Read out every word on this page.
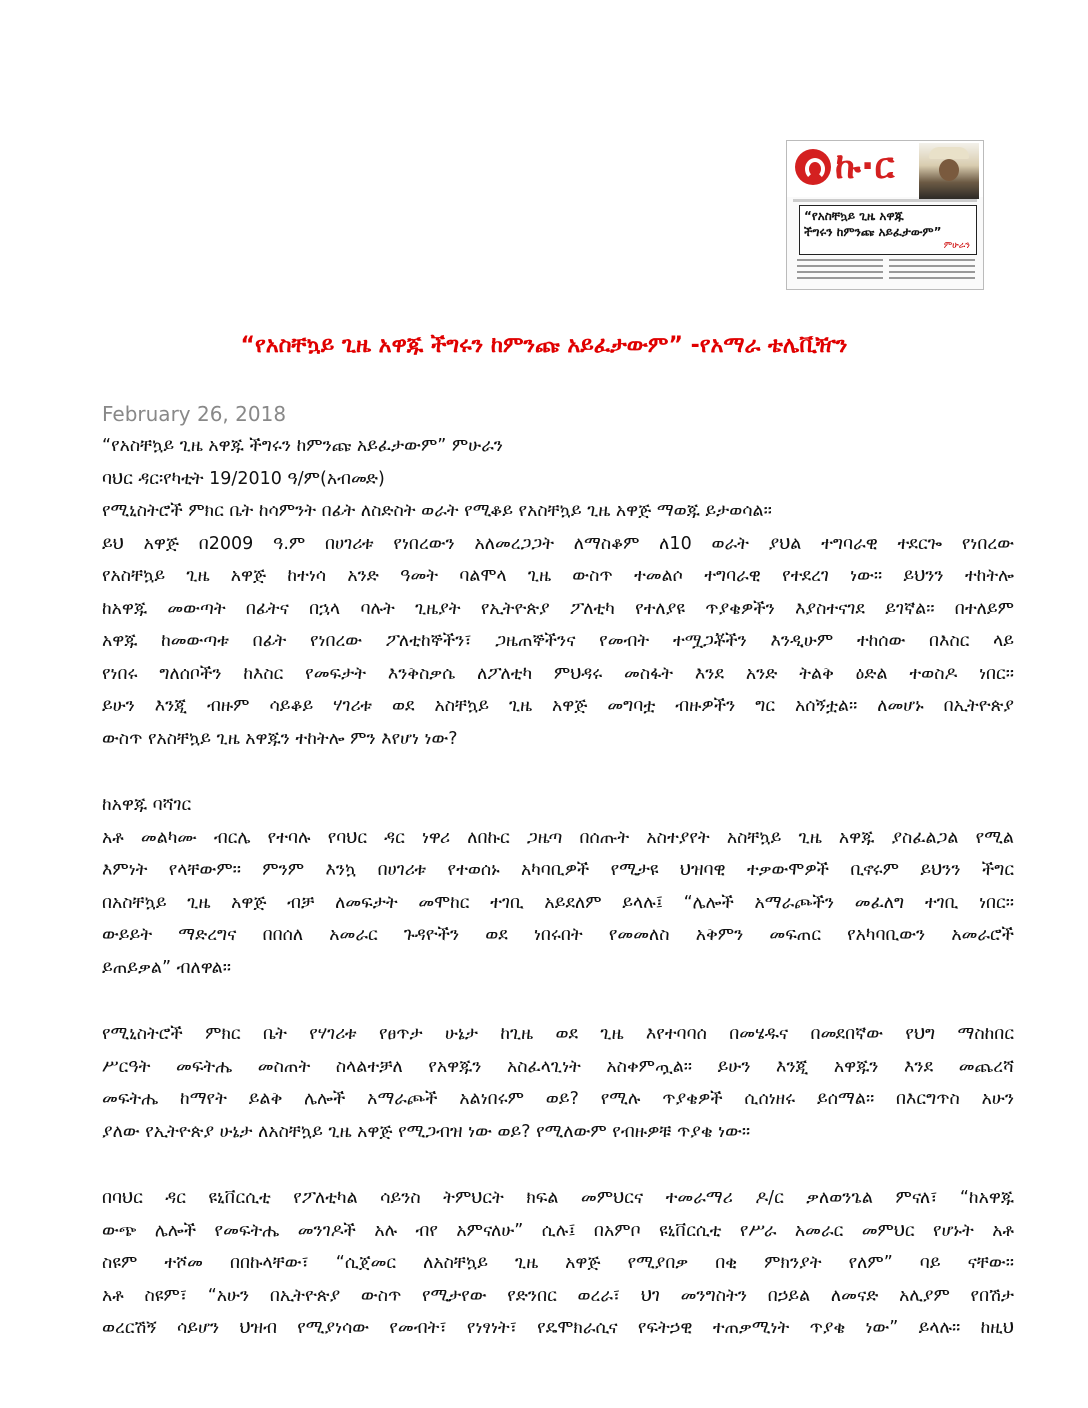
ኩ·ር
“የአስቸኳይ ጊዜ አዋጁ
ችግሩን ከምንጩ አይፈታውም”
ምሁራን
“የአስቸኳይ ጊዜ አዋጁ ችግሩን ከምንጩ አይፈታውም” -የአማራ ቴሌቪዥን
February 26, 2018

“የአስቸኳይ ጊዜ አዋጁ ችግሩን ከምንጩ አይፈታውም” ምሁራን

ባህር ዳር፡የካቲት 19/2010 ዓ/ም(አብመድ)

የሚኒስትሮች ምክር ቤት ከሳምንት በፊት ለስድስት ወራት የሚቆይ የአስቸኳይ ጊዜ አዋጅ ማወጁ ይታወሳል፡፡

ይህ አዋጅ በ2009 ዓ.ም በሀገሪቱ የነበረውን አለመረጋጋት ለማስቆም ለ10 ወራት ያህል ተግባራዊ ተደርጐ የነበረው

የአስቸኳይ ጊዜ አዋጅ ከተነሳ አንድ ዓመት ባልሞላ ጊዜ ውስጥ ተመልሶ ተግባራዊ የተደረገ ነው፡፡ ይህንን ተከትሎ

ከአዋጁ መውጣት በፊትና በኋላ ባሉት ጊዜያት የኢትዮጵያ ፖለቲካ የተለያዩ ጥያቄዎችን እያስተናገደ ይገኛል፡፡ በተለይም

አዋጁ ከመውጣቱ በፊት የነበረው ፖለቲከኞችን፣ ጋዜጠኞችንና የመብት ተሟጋቾችን እንዲሁም ተከሰው በእስር ላይ

የነበሩ ግለሰቦችን ከእስር የመፍታት እንቅስቃሴ ለፖለቲካ ምህዳሩ መስፋት እንደ አንድ ትልቅ ዕድል ተወስዶ ነበር፡፡

ይሁን እንጂ ብዙም ሳይቆይ ሃገሪቱ ወደ አስቸኳይ ጊዜ አዋጅ መግባቷ ብዙዎችን ግር አሰኝቷል፡፡ ለመሆኑ በኢትዮጵያ

ውስጥ የአስቸኳይ ጊዜ አዋጁን ተከትሎ ምን እየሆነ ነው?

ከአዋጁ ባሻገር

አቶ መልካሙ ብርሌ የተባሉ የባህር ዳር ነዋሪ ለበኩር ጋዜጣ በሰጡት አስተያየት አስቸኳይ ጊዜ አዋጁ ያስፈልጋል የሚል

እምነት የላቸውም፡፡ ምንም እንኳ በሀገሪቱ የተወሰኑ አካባቢዎች የሚታዩ ህዝባዊ ተቃውሞዎች ቢኖሩም ይህንን ችግር

በአስቸኳይ ጊዜ አዋጅ ብቻ ለመፍታት መሞከር ተገቢ አይደለም ይላሉ፤ “ሌሎች አማራጮችን መፈለግ ተገቢ ነበር፡፡

ውይይት ማድረግና በበሰለ አመራር ጉዳዮችን ወደ ነበሩበት የመመለስ አቅምን መፍጠር የአካባቢውን አመራሮች

ይጠይቃል” ብለዋል፡፡

የሚኒስትሮች ምክር ቤት የሃገሪቱ የፀጥታ ሁኔታ ከጊዜ ወደ ጊዜ እየተባባሰ በመሄዱና በመደበኛው የህግ ማስከበር

ሥርዓት መፍትሔ መስጠት ስላልተቻለ የአዋጁን አስፈላጊነት አስቀምጧል፡፡ ይሁን እንጂ አዋጁን እንደ መጨረሻ

መፍትሔ ከማየት ይልቅ ሌሎች አማራጮች አልነበሩም ወይ? የሚሉ ጥያቄዎች ሲሰነዘሩ ይሰማል፡፡ በእርግጥስ አሁን

ያለው የኢትዮጵያ ሁኔታ ለአስቸኳይ ጊዜ አዋጅ የሚጋብዝ ነው ወይ? የሚለውም የብዙዎቹ ጥያቄ ነው፡፡

በባህር ዳር ዩኒቨርሲቲ የፖለቲካል ሳይንስ ትምህርት ክፍል መምህርና ተመራማሪ ዶ/ር ቃለወንጌል ምናለ፣ “ከአዋጁ

ውጭ ሌሎች የመፍትሔ መንገዶች አሉ ብየ አምናለሁ” ሲሉ፤ በአምቦ ዩኒቨርሲቲ የሥራ አመራር መምህር የሆኑት አቶ

ስዩም ተሾመ በበኩላቸው፣ “ሲጀመር ለአስቸኳይ ጊዜ አዋጅ የሚያበቃ በቂ ምክንያት የለም” ባይ ናቸው፡፡

አቶ ስዩም፣ “አሁን በኢትዮጵያ ውስጥ የሚታየው የድንበር ወረራ፣ ህገ መንግስትን በኃይል ለመናድ አሊያም የበሽታ

ወረርሽኝ ሳይሆን ህዝብ የሚያነሳው የመብት፣ የነፃነት፣ የዴሞክራሲና የፍትኃዊ ተጠቃሚነት ጥያቄ ነው” ይላሉ፡፡ ከዚህ
